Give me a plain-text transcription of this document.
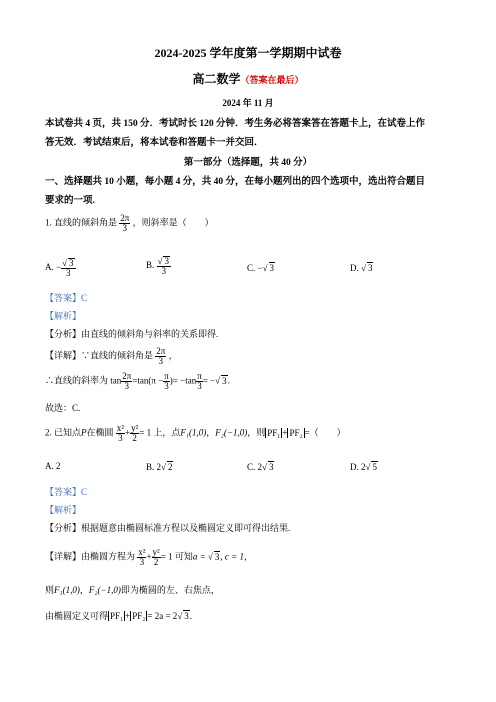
2024-2025 学年度第一学期期中试卷
高二数学（答案在最后）
2024 年 11 月
本试卷共 4 页，共 150 分．考试时长 120 分钟．考生务必将答案答在答题卡上，在试卷上作
答无效．考试结束后，将本试卷和答题卡一并交回．
第一部分（选择题，共 40 分）
一、选择题共 10 小题，每小题 4 分，共 40 分，在每小题列出的四个选项中，选出符合题目
要求的一项.
1. 直线的倾斜角是 $\frac{2\pi}{3}$ ，则斜率是（　　）
A. − $\frac{√ 3}{3}$	B. $\frac{√ 3}{3}$	C. −√ 3	D. √ 3
【答案】C
【解析】
【分析】由直线的倾斜角与斜率的关系即得.
【详解】∵直线的倾斜角是 $\frac{2\pi}{3}$ ，
∴直线的斜率为 $\tan \frac{2\pi}{3} =\tan(\pi - \frac{\pi}{3}$ )= $-\tan \frac{\pi}{3}$ = −√ 3.
故选：C.
2. 已知点P在椭圆 $\frac{\text{x²}}{3} + \frac{\text{y²}}{2} = 1$ 上，点F₁(1,0)，F₂(−1,0)，则 PF₁ + PF₂ =（　　）
A. 2	B. 2√ 2	C. 2√ 3	D. 2√ 5
【答案】C
【解析】
【分析】根据题意由椭圆标准方程以及椭圆定义即可得出结果.
【详解】由椭圆方程为 $\frac{\text{x²}}{3} + \frac{\text{y²}}{2} = 1$ 可知a = √ 3, c = 1，
则F₁(1,0)，F₂(−1,0)即为椭圆的左、右焦点，
由椭圆定义可得 PF₁ + PF₂ = 2a = 2√ 3.
